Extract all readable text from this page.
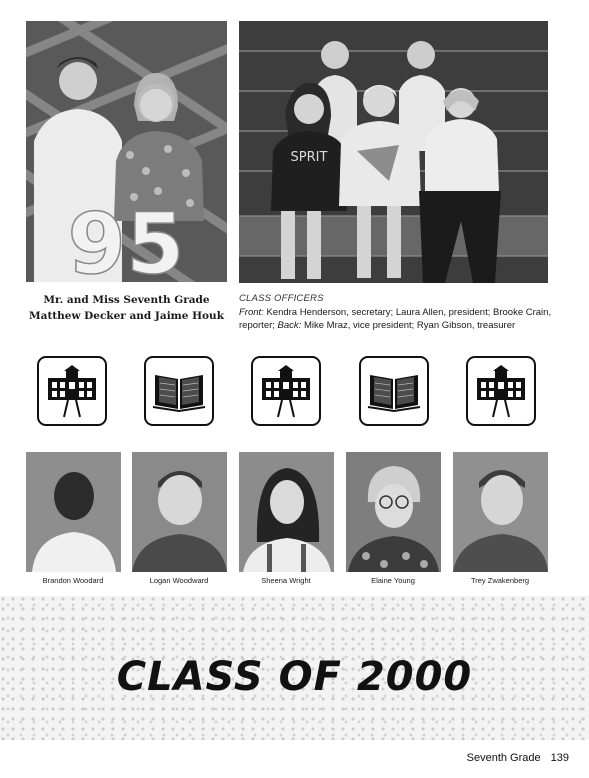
95
SPRIT
Mr. and Miss Seventh Grade
Matthew Decker and Jaime Houk
CLASS OFFICERS
Front: Kendra Henderson, secretary; Laura Allen, president; Brooke Crain, reporter; Back: Mike Mraz, vice president; Ryan Gibson, treasurer
Brandon Woodard	Logan Woodward	Sheena Wright	Elaine Young	Trey Zwakenberg
CLASS OF 2000
Seventh Grade 139
